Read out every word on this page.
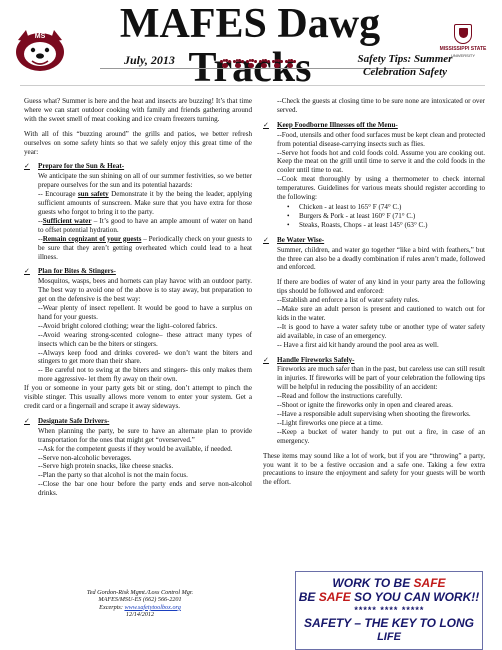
MS	MAFES Dawg
MISSISSIPPI STATE
UNIVERSITY
July, 2013	Safety Tips: Summer
Celebration Safety

Guess what? Summer is here and the heat and insects are buzzing! It’s that time where we can start outdoor cooking with family and friends gathering around with the sweet smell of meat cooking and ice cream freezers turning.

With all of this “buzzing around” the grills and patios, we better refresh ourselves on some safety hints so that we safely enjoy this great time of the year:

✓	Prepare for the Sun & Heat-
We anticipate the sun shining on all of our summer festivities, so we better prepare ourselves for the sun and its potential hazards:
-- Encourage sun safety Demonstrate it by the being the leader, applying sufficient amounts of sunscreen. Make sure that you have extra for those guests who forgot to bring it to the party.
--Sufficient water – It’s good to have an ample amount of water on hand to offset potential hydration.
--Remain cognizant of your guests – Periodically check on your guests to be sure that they aren’t getting overheated which could lead to a heat illness.
✓	Plan for Bites & Stingers-
Mosquitos, wasps, bees and hornets can play havoc with an outdoor party. The best way to avoid one of the above is to stay away, but preparation to get on the defensive is the best way:
--Wear plenty of insect repellent. It would be good to have a surplus on hand for your guests.
--Avoid bright colored clothing; wear the light–colored fabrics.
--Avoid wearing strong-scented cologne– these attract many types of insects which can be the biters or stingers.
--Always keep food and drinks covered- we don’t want the biters and stingers to get more than their share.
-- Be careful not to swing at the biters and stingers- this only makes them more aggressive- let them fly away on their own.

If you or someone in your party gets bit or sting, don’t attempt to pinch the visible stinger. This usually allows more venom to enter your system. Get a credit card or a fingernail and scrape it away sideways.

✓	Designate Safe Drivers-
When planning the party, be sure to have an alternate plan to provide transportation for the ones that might get “overserved.”
--Ask for the competent guests if they would be available, if needed.
--Serve non-alcoholic beverages.
--Serve high protein snacks, like cheese snacks.
--Plan the party so that alcohol is not the main focus.
--Close the bar one hour before the party ends and serve non-alcohol drinks.

--Check the guests at closing time to be sure none are intoxicated or over served.

✓	Keep Foodborne Illnesses off the Menu-
--Food, utensils and other food surfaces must be kept clean and protected from potential disease-carrying insects such as flies.
--Serve hot foods hot and cold foods cold. Assume you are cooking out. Keep the meat on the grill until time to serve it and the cold foods in the cooler until time to eat.
--Cook meat thoroughly by using a thermometer to check internal temperatures. Guidelines for various meats should register according to the following:
• Chicken - at least to 165° F (74° C.)
• Burgers & Pork - at least 160° F (71° C.)
• Steaks, Roasts, Chops - at least 145° (63° C.)
✓	Be Water Wise-

Summer, children, and water go together “like a bird with feathers,” but the three can also be a deadly combination if rules aren’t made, followed and enforced.

If there are bodies of water of any kind in your party area the following tips should be followed and enforced:
--Establish and enforce a list of water safety rules.
--Make sure an adult person is present and cautioned to watch out for kids in the water.
--It is good to have a water safety tube or another type of water safety aid available, in case of an emergency.
-- Have a first aid kit handy around the pool area as well.
✓	Handle Fireworks Safely-
Fireworks are much safer than in the past, but careless use can still result in injuries. If fireworks will be part of your celebration the following tips will be helpful in reducing the possibility of an accident:
--Read and follow the instructions carefully.
--Shoot or ignite the fireworks only in open and cleared areas.
--Have a responsible adult supervising when shooting the fireworks.
--Light fireworks one piece at a time.
--Keep a bucket of water handy to put out a fire, in case of an emergency.

These items may sound like a lot of work, but if you are “throwing” a party, you want it to be a festive occasion and a safe one. Taking a few extra precautions to insure the enjoyment and safety for your guests will be worth the effort.

Ted Gordon-Risk Mgmt./Loss Control Mgr.
MAFES/MSU-ES (662) 566-2201
Excerpts: www.safetytoolbox.org
12/14/2012
WORK TO BE SAFE
BE SAFE SO YOU CAN WORK!!
***** **** *****
SAFETY – THE KEY TO LONG
LIFE
